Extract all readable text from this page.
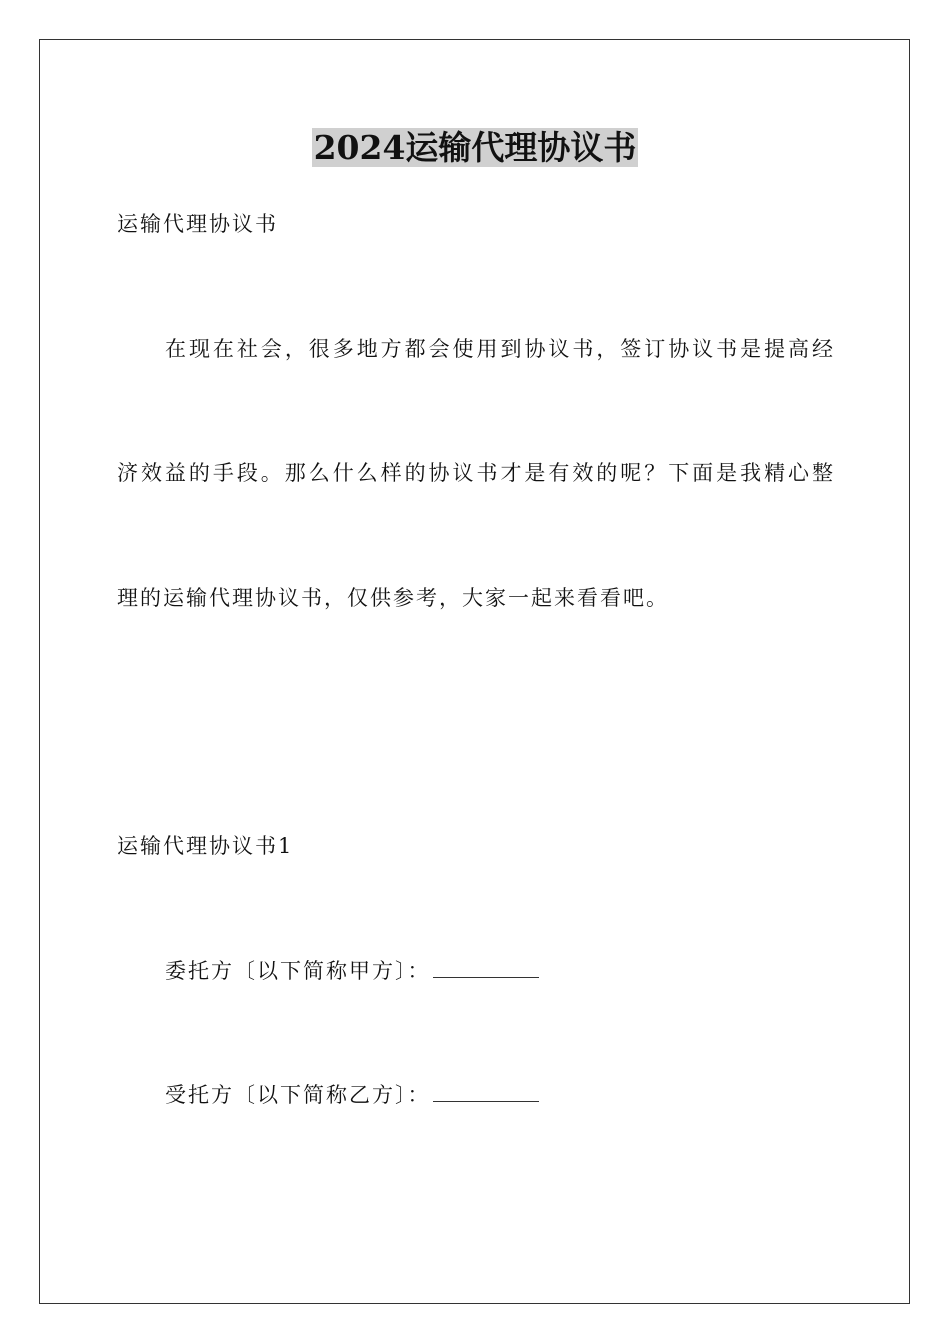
2024运输代理协议书

运输代理协议书

在现在社会，很多地方都会使用到协议书，签订协议书是提高经

济效益的手段。那么什么样的协议书才是有效的呢？下面是我精心整

理的运输代理协议书，仅供参考，大家一起来看看吧。

运输代理协议书1

委托方〔以下简称甲方〕：

受托方〔以下简称乙方〕：
